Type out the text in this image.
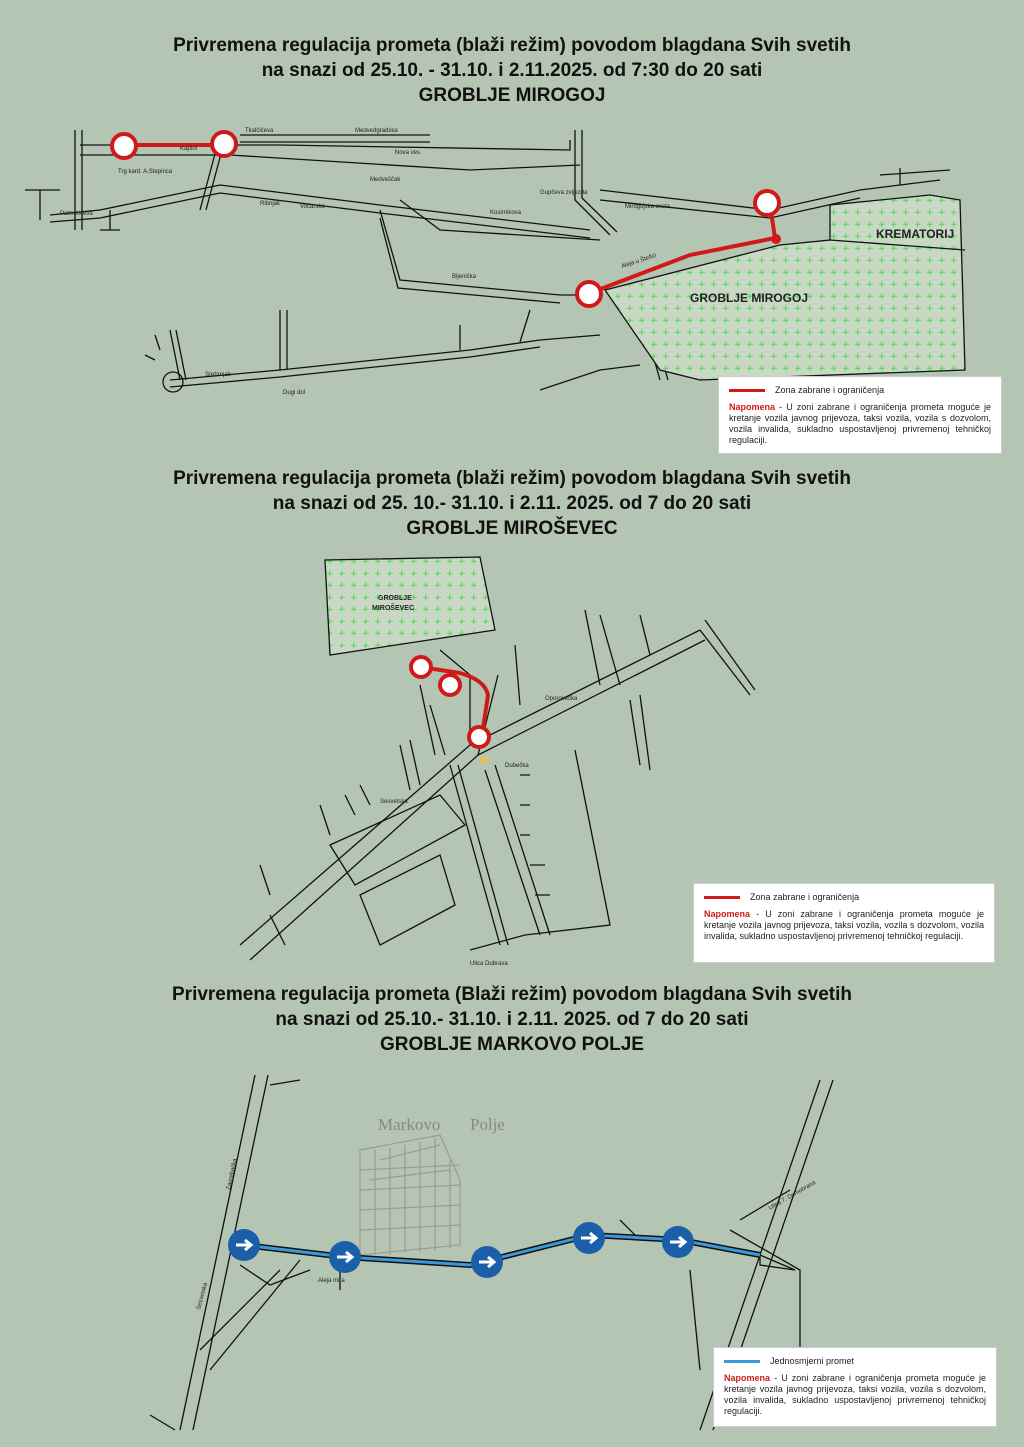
Privremena regulacija prometa (blaži režim) povodom blagdana Svih svetih
na snazi od 25.10. - 31.10. i 2.11.2025. od 7:30 do 20 sati
GROBLJE MIROGOJ
GROBLJE MIROGOJ
KREMATORIJ
Trg kard. A.Stepinca
Medvedgradska
Nova ves
Medveščak
Bijenička
Voćarska
Srebrnjak
Dugi dol
Kosirnikova
Aleja u Štefici
Mirogojska cesta
Kaptol
Tkalčićeva
Ribnjak
Palmotićeva
Gupčeva zvijezda
Zona zabrane i ograničenja
Napomena - U zoni zabrane i ograničenja prometa moguće je kretanje vozila javnog prijevoza, taksi vozila, vozila s dozvolom, vozila invalida, sukladno uspostavljenoj privremenoj tehničkoj regulaciji.
Privremena regulacija prometa (blaži režim) povodom blagdana Svih svetih
na snazi od 25. 10.- 31.10. i 2.11. 2025. od 7 do 20 sati
GROBLJE MIROŠEVEC
GROBLJE
MIROŠEVEC
Oporovečka
Dubečka
Sesvetska
Ulica Dubrava
Zona zabrane i ograničenja
Napomena - U zoni zabrane i ograničenja prometa moguće je kretanje vozila javnog prijevoza, taksi vozila, vozila s dozvolom, vozila invalida, sukladno uspostavljenoj privremenoj tehničkoj regulaciji.
Privremena regulacija prometa (Blaži režim) povodom blagdana Svih svetih
na snazi od 25.10.- 31.10. i 2.11. 2025. od 7 do 20 sati
GROBLJE MARKOVO POLJE
Markovo Polje
Aleja mira
Sesvetska
Zagrebačka
Ulica 7. Domobrana
Jednosmjerni promet
Napomena - U zoni zabrane i ograničenja prometa moguće je kretanje vozila javnog prijevoza, taksi vozila, vozila s dozvolom, vozila invalida, sukladno uspostavljenoj privremenoj tehničkoj regulaciji.
